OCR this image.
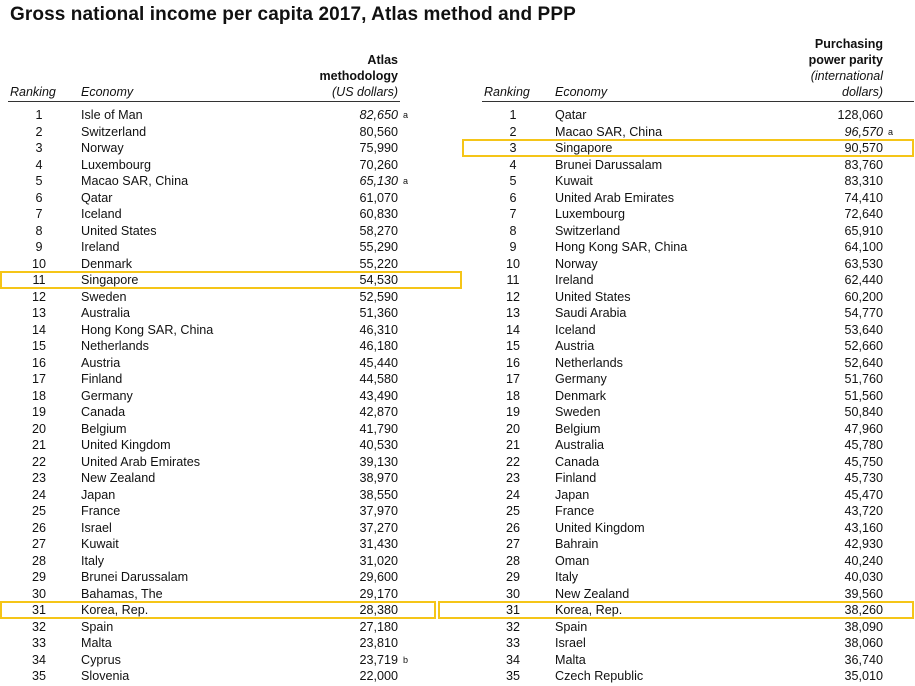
Gross national income per capita 2017, Atlas method and PPP
Ranking Economy
Atlas
methodology
(US dollars)
1	Isle of Man	82,650 a
2	Switzerland	80,560
3	Norway	75,990
4	Luxembourg	70,260
5	Macao SAR, China	65,130 a
6	Qatar	61,070
7	Iceland	60,830
8	United States	58,270
9	Ireland	55,290
10	Denmark	55,220
11	Singapore	54,530
12	Sweden	52,590
13	Australia	51,360
14	Hong Kong SAR, China	46,310
15	Netherlands	46,180
16	Austria	45,440
17	Finland	44,580
18	Germany	43,490
19	Canada	42,870
20	Belgium	41,790
21	United Kingdom	40,530
22	United Arab Emirates	39,130
23	New Zealand	38,970
24	Japan	38,550
25	France	37,970
26	Israel	37,270
27	Kuwait	31,430
28	Italy	31,020
29	Brunei Darussalam	29,600
30	Bahamas, The	29,170
31	Korea, Rep.	28,380
32	Spain	27,180
33	Malta	23,810
34	Cyprus	23,719 b
35	Slovenia	22,000
Ranking Economy
Purchasing
power parity
(international
dollars)
1	Qatar	128,060
2	Macao SAR, China	96,570 a
3	Singapore	90,570
4	Brunei Darussalam	83,760
5	Kuwait	83,310
6	United Arab Emirates	74,410
7	Luxembourg	72,640
8	Switzerland	65,910
9	Hong Kong SAR, China	64,100
10	Norway	63,530
11	Ireland	62,440
12	United States	60,200
13	Saudi Arabia	54,770
14	Iceland	53,640
15	Austria	52,660
16	Netherlands	52,640
17	Germany	51,760
18	Denmark	51,560
19	Sweden	50,840
20	Belgium	47,960
21	Australia	45,780
22	Canada	45,750
23	Finland	45,730
24	Japan	45,470
25	France	43,720
26	United Kingdom	43,160
27	Bahrain	42,930
28	Oman	40,240
29	Italy	40,030
30	New Zealand	39,560
31	Korea, Rep.	38,260
32	Spain	38,090
33	Israel	38,060
34	Malta	36,740
35	Czech Republic	35,010
